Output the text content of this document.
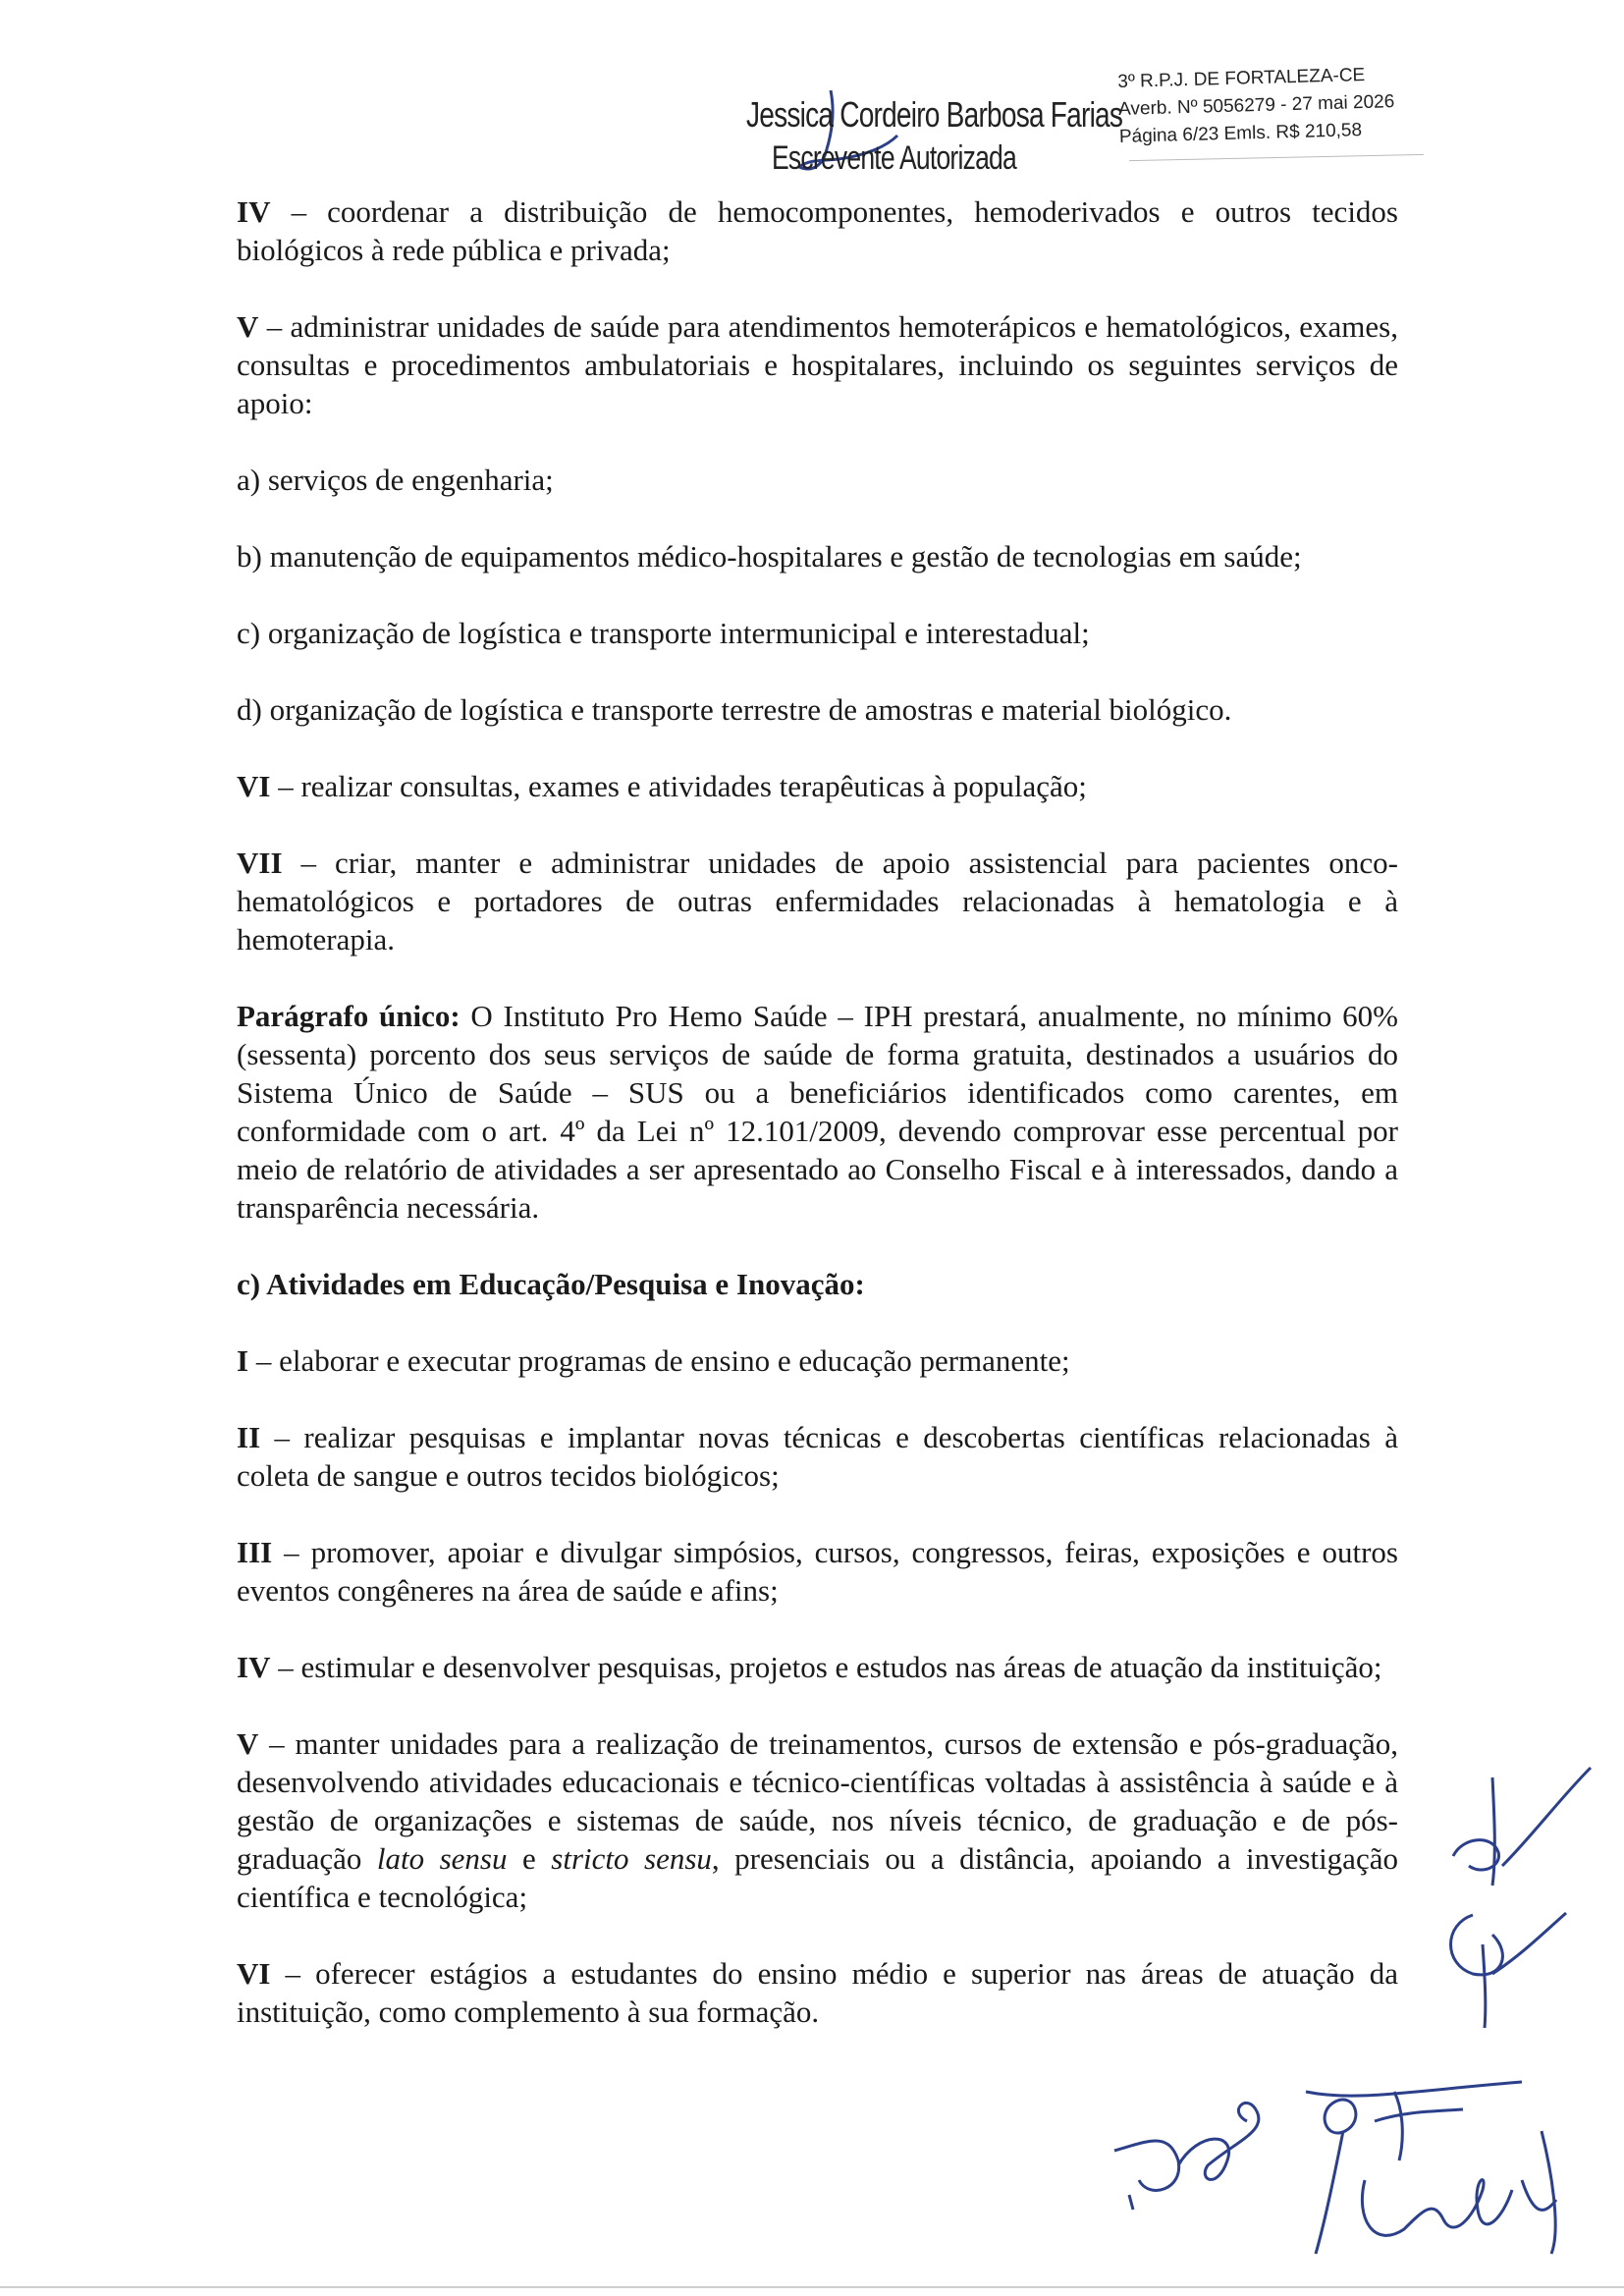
Jessica Cordeiro Barbosa Farias
Escrevente Autorizada
3º R.P.J. DE FORTALEZA-CE
Averb. Nº 5056279 - 27 mai 2026
Página 6/23 Emls. R$ 210,58

IV – coordenar a distribuição de hemocomponentes, hemoderivados e outros tecidos biológicos à rede pública e privada;

V – administrar unidades de saúde para atendimentos hemoterápicos e hematológicos, exames, consultas e procedimentos ambulatoriais e hospitalares, incluindo os seguintes serviços de apoio:

a) serviços de engenharia;

b) manutenção de equipamentos médico-hospitalares e gestão de tecnologias em saúde;

c) organização de logística e transporte intermunicipal e interestadual;

d) organização de logística e transporte terrestre de amostras e material biológico.

VI – realizar consultas, exames e atividades terapêuticas à população;

VII – criar, manter e administrar unidades de apoio assistencial para pacientes onco-hematológicos e portadores de outras enfermidades relacionadas à hematologia e à hemoterapia.

Parágrafo único: O Instituto Pro Hemo Saúde – IPH prestará, anualmente, no mínimo 60% (sessenta) porcento dos seus serviços de saúde de forma gratuita, destinados a usuários do Sistema Único de Saúde – SUS ou a beneficiários identificados como carentes, em conformidade com o art. 4º da Lei nº 12.101/2009, devendo comprovar esse percentual por meio de relatório de atividades a ser apresentado ao Conselho Fiscal e à interessados, dando a transparência necessária.

c) Atividades em Educação/Pesquisa e Inovação:

I – elaborar e executar programas de ensino e educação permanente;

II – realizar pesquisas e implantar novas técnicas e descobertas científicas relacionadas à coleta de sangue e outros tecidos biológicos;

III – promover, apoiar e divulgar simpósios, cursos, congressos, feiras, exposições e outros eventos congêneres na área de saúde e afins;

IV – estimular e desenvolver pesquisas, projetos e estudos nas áreas de atuação da instituição;

V – manter unidades para a realização de treinamentos, cursos de extensão e pós-graduação, desenvolvendo atividades educacionais e técnico-científicas voltadas à assistência à saúde e à gestão de organizações e sistemas de saúde, nos níveis técnico, de graduação e de pós-graduação lato sensu e stricto sensu, presenciais ou a distância, apoiando a investigação científica e tecnológica;

VI – oferecer estágios a estudantes do ensino médio e superior nas áreas de atuação da instituição, como complemento à sua formação.
